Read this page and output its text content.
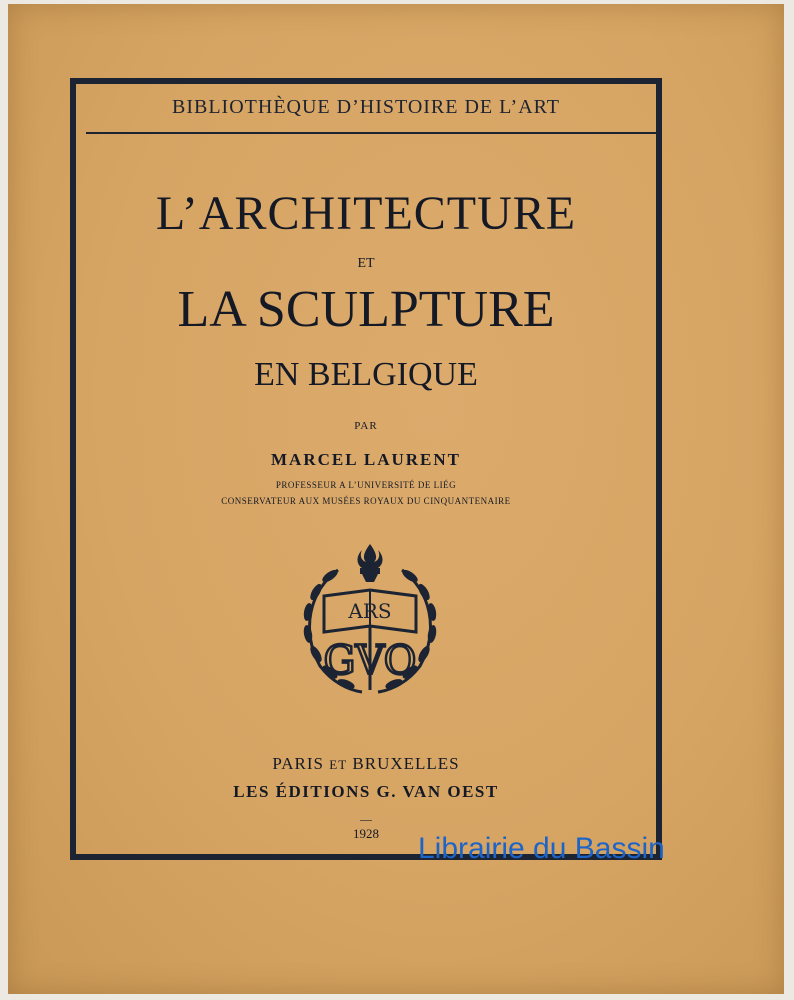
BIBLIOTHÈQUE D’HISTOIRE DE L’ART
L’ARCHITECTURE
ET
LA SCULPTURE
EN BELGIQUE
PAR
MARCEL LAURENT
PROFESSEUR A L’UNIVERSITÉ DE LIÉG
CONSERVATEUR AUX MUSÉES ROYAUX DU CINQUANTENAIRE
ARS
GVO
PARIS ET BRUXELLES
LES ÉDITIONS G. VAN OEST
—
1928	Librairie du Bassin
